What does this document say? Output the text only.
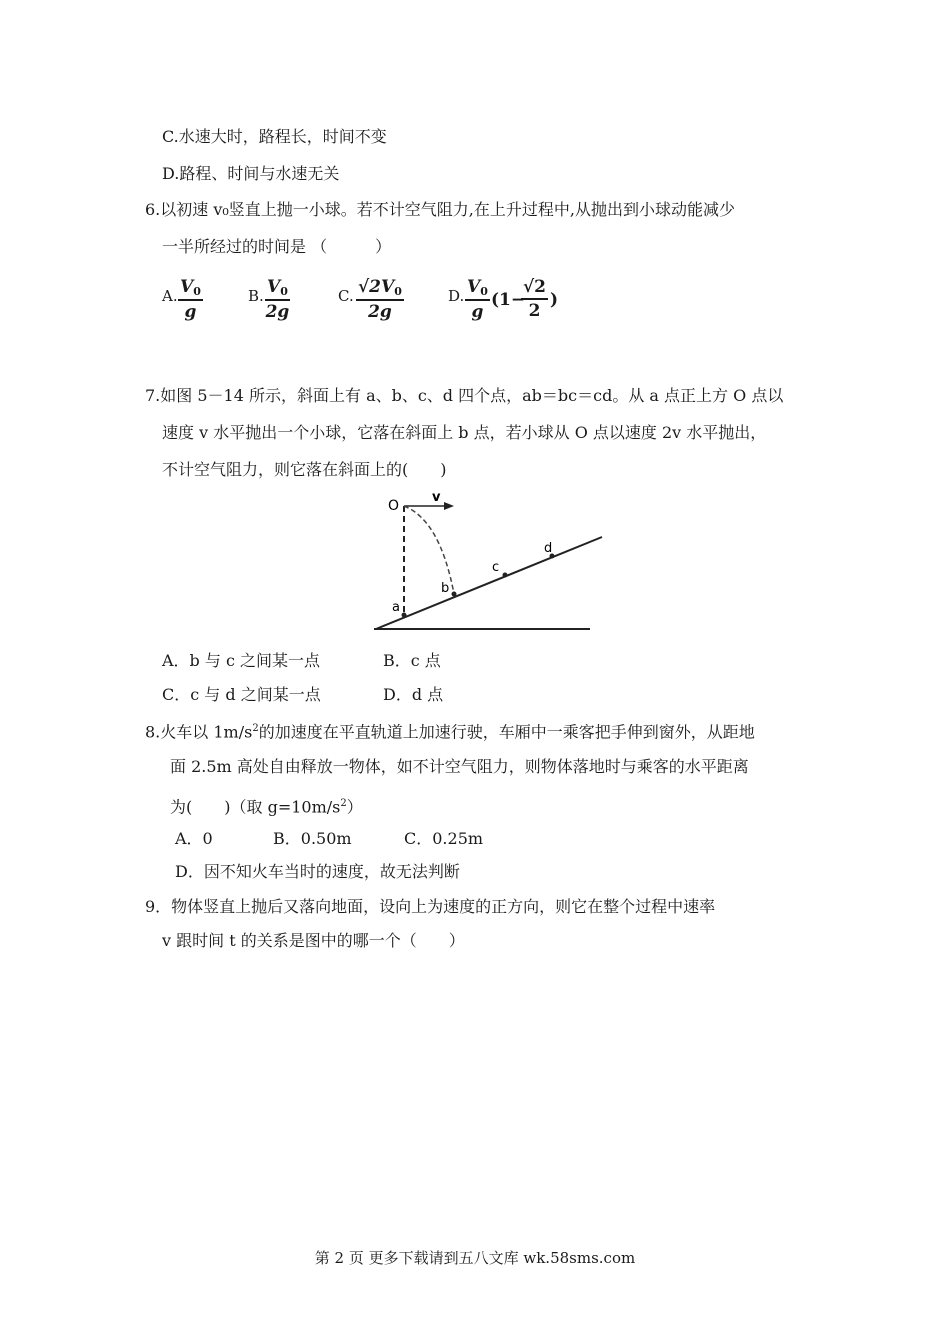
C.水速大时，路程长，时间不变
D.路程、时间与水速无关
6.以初速 v₀竖直上抛一小球。若不计空气阻力,在上升过程中,从抛出到小球动能减少
一半所经过的时间是 （　　　）
A. $V_0$
g
B. $V_0$
2g
C. $√2V_0$
2g
D. $V_0$
g
(1−
√2
2
)
7.如图 5－14 所示，斜面上有 a、b、c、d 四个点，ab＝bc＝cd。从 a 点正上方 O 点以
速度 v 水平抛出一个小球，它落在斜面上 b 点，若小球从 O 点以速度 2v 水平抛出，
不计空气阻力，则它落在斜面上的(　　)
O
v
a
b
c
d
A．b 与 c 之间某一点	B．c 点
C．c 与 d 之间某一点	D．d 点
8.火车以 $1m/s^2$的加速度在平直轨道上加速行驶，车厢中一乘客把手伸到窗外，从距地
面 2.5m 高处自由释放一物体，如不计空气阻力，则物体落地时与乘客的水平距离
为(　　)（取 $g=10m/s^2$）
A．0	B．0.50m	C．0.25m
D．因不知火车当时的速度，故无法判断
9．物体竖直上抛后又落向地面，设向上为速度的正方向，则它在整个过程中速率
v 跟时间 t 的关系是图中的哪一个（　　）
第 2 页 更多下载请到五八文库 wk.58sms.com
